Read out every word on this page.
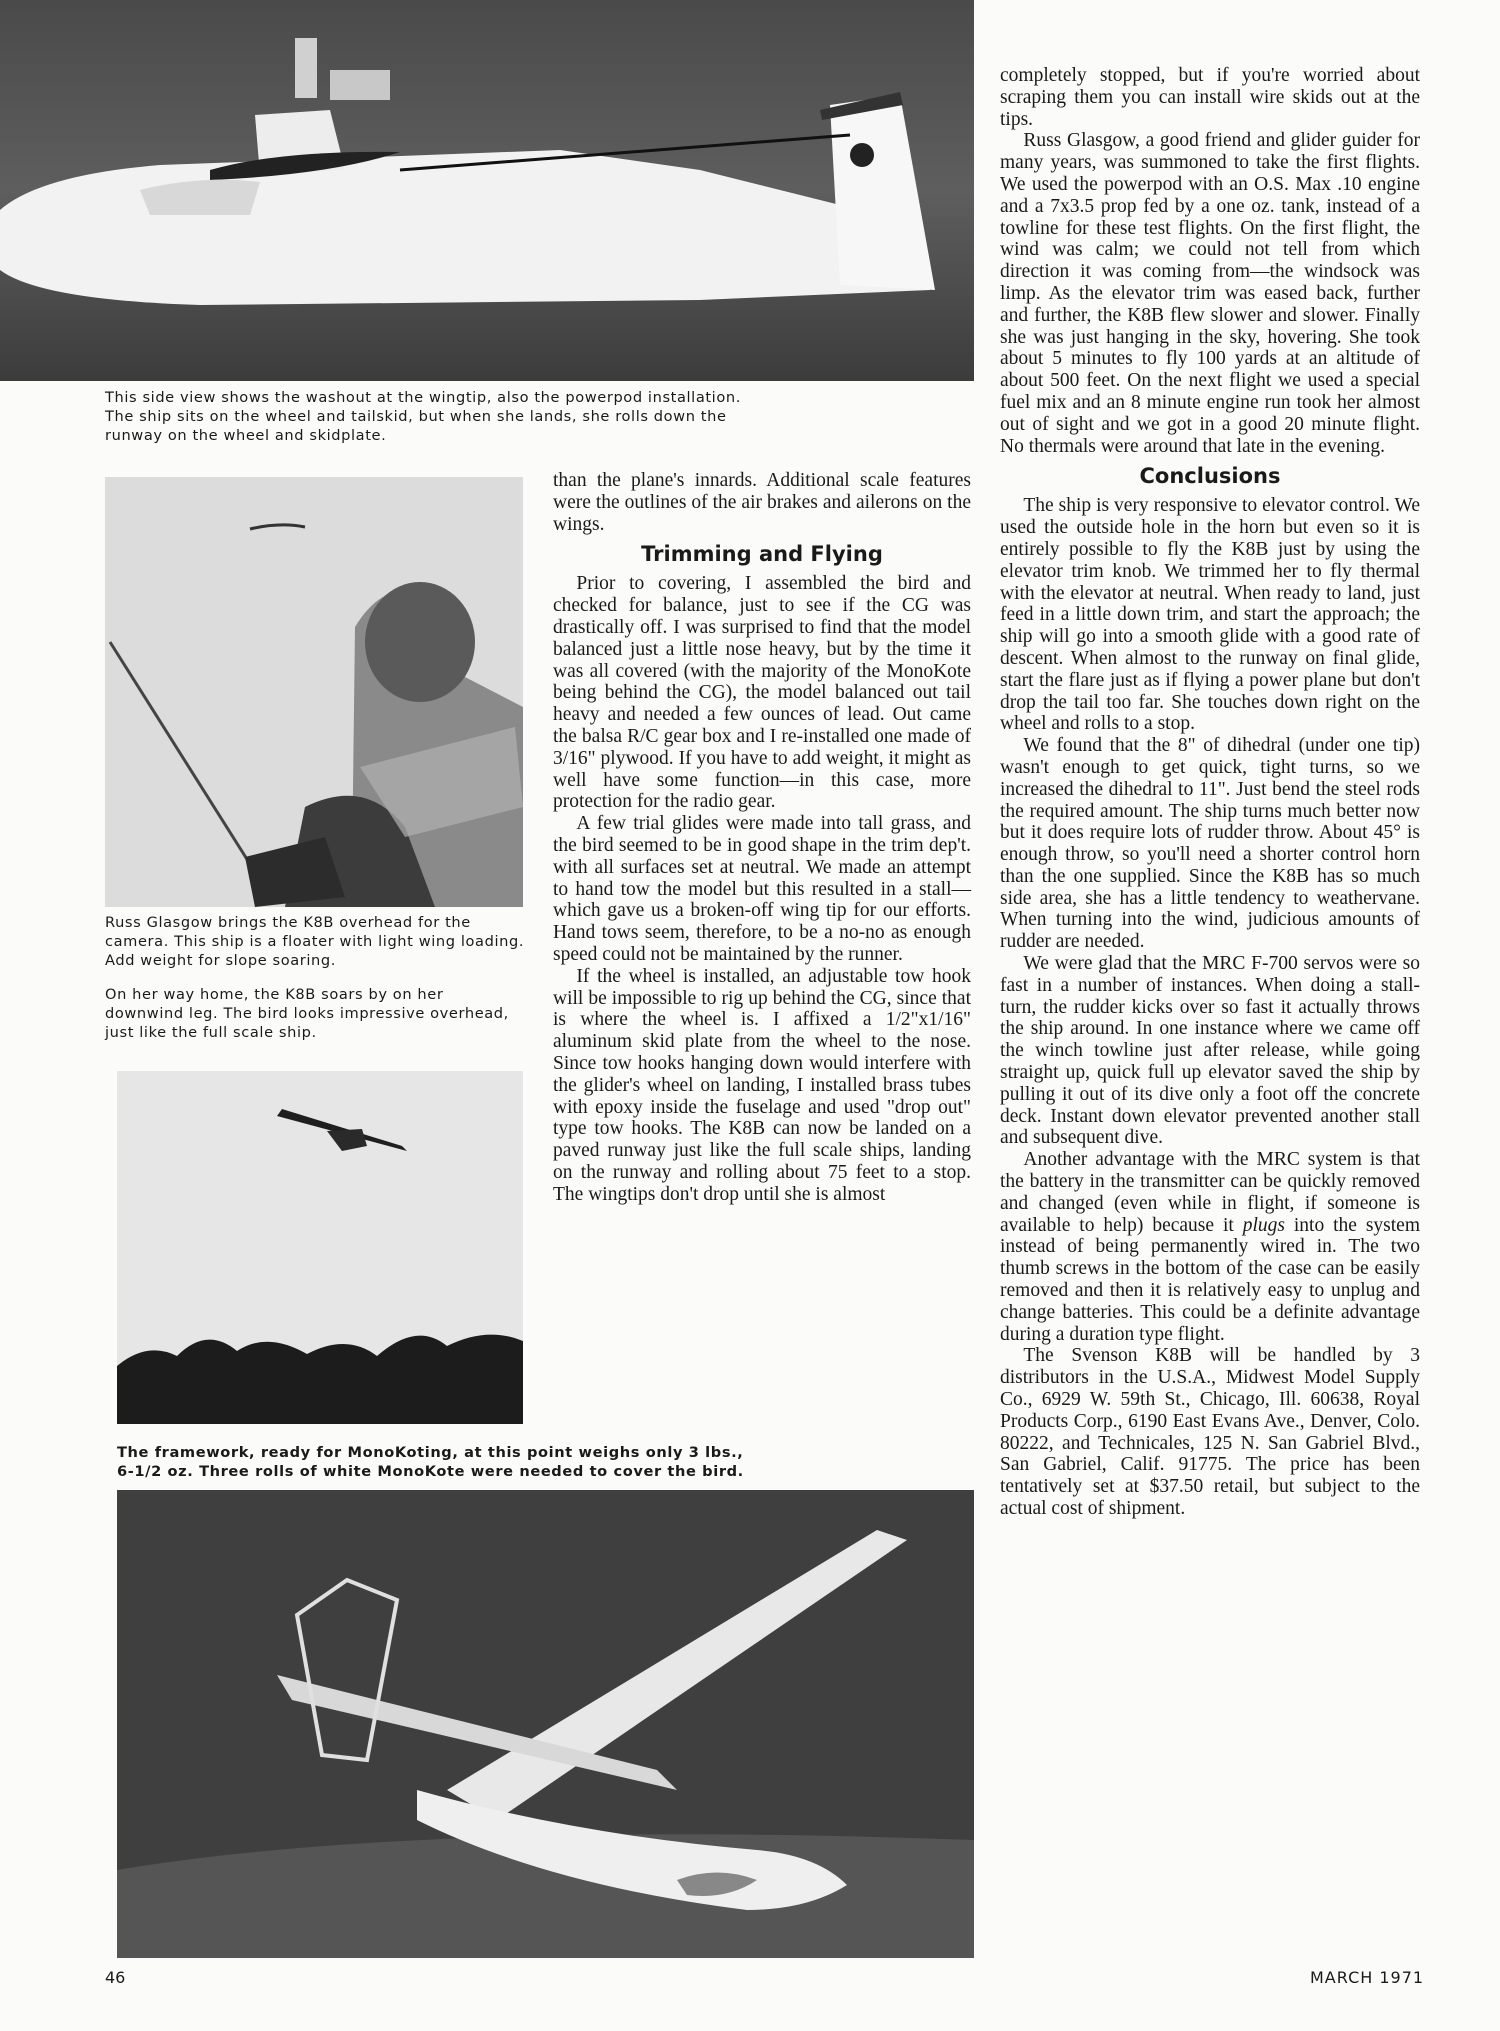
This side view shows the washout at the wingtip, also the powerpod installation. The ship sits on the wheel and tailskid, but when she lands, she rolls down the runway on the wheel and skidplate.

Russ Glasgow brings the K8B overhead for the camera. This ship is a floater with light wing loading. Add weight for slope soaring.

On her way home, the K8B soars by on her downwind leg. The bird looks impressive overhead, just like the full scale ship.

than the plane's innards. Additional scale features were the outlines of the air brakes and ailerons on the wings.

Trimming and Flying

Prior to covering, I assembled the bird and checked for balance, just to see if the CG was drastically off. I was surprised to find that the model balanced just a little nose heavy, but by the time it was all covered (with the majority of the MonoKote being behind the CG), the model balanced out tail heavy and needed a few ounces of lead. Out came the balsa R/C gear box and I re-installed one made of 3/16" plywood. If you have to add weight, it might as well have some function—in this case, more protection for the radio gear.

A few trial glides were made into tall grass, and the bird seemed to be in good shape in the trim dep't. with all surfaces set at neutral. We made an attempt to hand tow the model but this resulted in a stall—which gave us a broken-off wing tip for our efforts. Hand tows seem, therefore, to be a no-no as enough speed could not be maintained by the runner.

If the wheel is installed, an adjustable tow hook will be impossible to rig up behind the CG, since that is where the wheel is. I affixed a 1/2"x1/16" aluminum skid plate from the wheel to the nose. Since tow hooks hanging down would interfere with the glider's wheel on landing, I installed brass tubes with epoxy inside the fuselage and used "drop out" type tow hooks. The K8B can now be landed on a paved runway just like the full scale ships, landing on the runway and rolling about 75 feet to a stop. The wingtips don't drop until she is almost

completely stopped, but if you're worried about scraping them you can install wire skids out at the tips.

Russ Glasgow, a good friend and glider guider for many years, was summoned to take the first flights. We used the powerpod with an O.S. Max .10 engine and a 7x3.5 prop fed by a one oz. tank, instead of a towline for these test flights. On the first flight, the wind was calm; we could not tell from which direction it was coming from—the windsock was limp. As the elevator trim was eased back, further and further, the K8B flew slower and slower. Finally she was just hanging in the sky, hovering. She took about 5 minutes to fly 100 yards at an altitude of about 500 feet. On the next flight we used a special fuel mix and an 8 minute engine run took her almost out of sight and we got in a good 20 minute flight. No thermals were around that late in the evening.

Conclusions

The ship is very responsive to elevator control. We used the outside hole in the horn but even so it is entirely possible to fly the K8B just by using the elevator trim knob. We trimmed her to fly thermal with the elevator at neutral. When ready to land, just feed in a little down trim, and start the approach; the ship will go into a smooth glide with a good rate of descent. When almost to the runway on final glide, start the flare just as if flying a power plane but don't drop the tail too far. She touches down right on the wheel and rolls to a stop.

We found that the 8" of dihedral (under one tip) wasn't enough to get quick, tight turns, so we increased the dihedral to 11". Just bend the steel rods the required amount. The ship turns much better now but it does require lots of rudder throw. About 45° is enough throw, so you'll need a shorter control horn than the one supplied. Since the K8B has so much side area, she has a little tendency to weathervane. When turning into the wind, judicious amounts of rudder are needed.

We were glad that the MRC F-700 servos were so fast in a number of instances. When doing a stall-turn, the rudder kicks over so fast it actually throws the ship around. In one instance where we came off the winch towline just after release, while going straight up, quick full up elevator saved the ship by pulling it out of its dive only a foot off the concrete deck. Instant down elevator prevented another stall and subsequent dive.

Another advantage with the MRC system is that the battery in the transmitter can be quickly removed and changed (even while in flight, if someone is available to help) because it plugs into the system instead of being permanently wired in. The two thumb screws in the bottom of the case can be easily removed and then it is relatively easy to unplug and change batteries. This could be a definite advantage during a duration type flight.

The Svenson K8B will be handled by 3 distributors in the U.S.A., Midwest Model Supply Co., 6929 W. 59th St., Chicago, Ill. 60638, Royal Products Corp., 6190 East Evans Ave., Denver, Colo. 80222, and Technicales, 125 N. San Gabriel Blvd., San Gabriel, Calif. 91775. The price has been tentatively set at $37.50 retail, but subject to the actual cost of shipment.

The framework, ready for MonoKoting, at this point weighs only 3 lbs., 6-1/2 oz. Three rolls of white MonoKote were needed to cover the bird.
46	MARCH 1971
